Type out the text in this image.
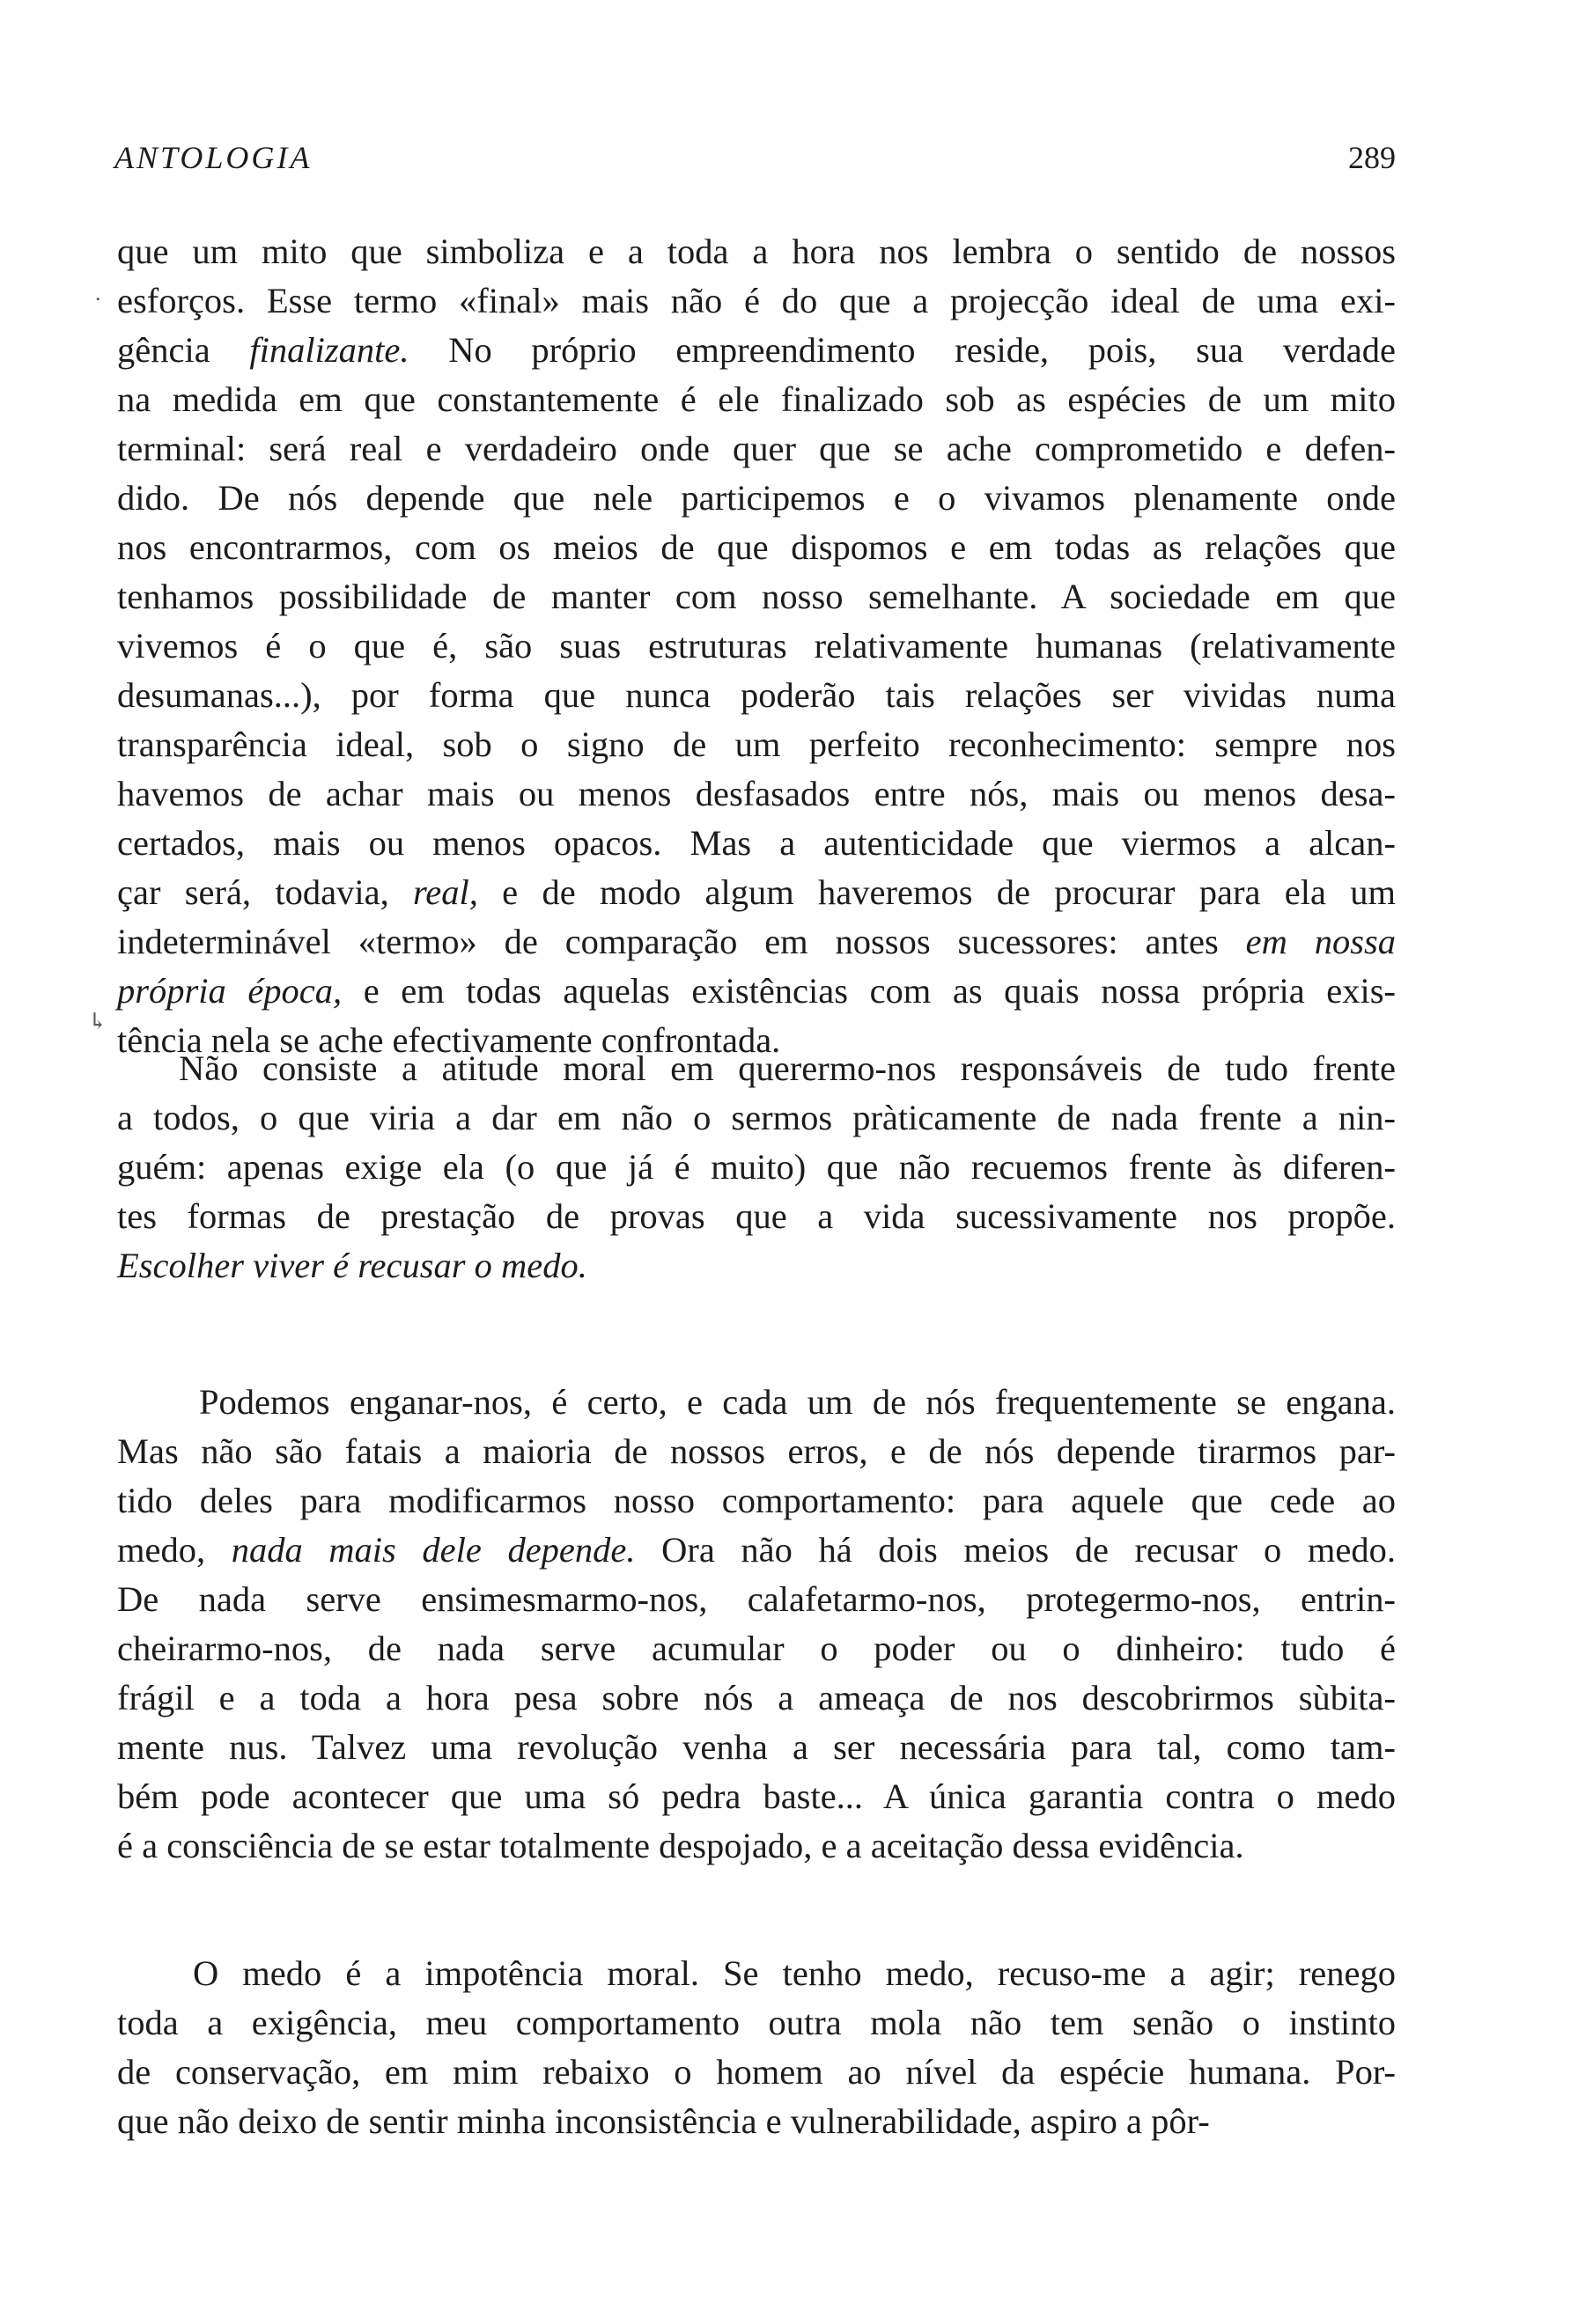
ANTOLOGIA	289
que um mito que simboliza e a toda a hora nos lembra o sentido de nossos
esforços. Esse termo «final» mais não é do que a projecção ideal de uma exi-
gência finalizante. No próprio empreendimento reside, pois, sua verdade
na medida em que constantemente é ele finalizado sob as espécies de um mito
terminal: será real e verdadeiro onde quer que se ache comprometido e defen-
dido. De nós depende que nele participemos e o vivamos plenamente onde
nos encontrarmos, com os meios de que dispomos e em todas as relações que
tenhamos possibilidade de manter com nosso semelhante. A sociedade em que
vivemos é o que é, são suas estruturas relativamente humanas (relativamente
desumanas...), por forma que nunca poderão tais relações ser vividas numa
transparência ideal, sob o signo de um perfeito reconhecimento: sempre nos
havemos de achar mais ou menos desfasados entre nós, mais ou menos desa-
certados, mais ou menos opacos. Mas a autenticidade que viermos a alcan-
çar será, todavia, real, e de modo algum haveremos de procurar para ela um
indeterminável «termo» de comparação em nossos sucessores: antes em nossa
própria época, e em todas aquelas existências com as quais nossa própria exis-
tência nela se ache efectivamente confrontada.
Não consiste a atitude moral em querermo-nos responsáveis de tudo frente
a todos, o que viria a dar em não o sermos pràticamente de nada frente a nin-
guém: apenas exige ela (o que já é muito) que não recuemos frente às diferen-
tes formas de prestação de provas que a vida sucessivamente nos propõe.
Escolher viver é recusar o medo.
Podemos enganar-nos, é certo, e cada um de nós frequentemente se engana.
Mas não são fatais a maioria de nossos erros, e de nós depende tirarmos par-
tido deles para modificarmos nosso comportamento: para aquele que cede ao
medo, nada mais dele depende. Ora não há dois meios de recusar o medo.
De nada serve ensimesmarmo-nos, calafetarmo-nos, protegermo-nos, entrin-
cheirarmo-nos, de nada serve acumular o poder ou o dinheiro: tudo é
frágil e a toda a hora pesa sobre nós a ameaça de nos descobrirmos sùbita-
mente nus. Talvez uma revolução venha a ser necessária para tal, como tam-
bém pode acontecer que uma só pedra baste... A única garantia contra o medo
é a consciência de se estar totalmente despojado, e a aceitação dessa evidência.
O medo é a impotência moral. Se tenho medo, recuso-me a agir; renego
toda a exigência, meu comportamento outra mola não tem senão o instinto
de conservação, em mim rebaixo o homem ao nível da espécie humana. Por-
que não deixo de sentir minha inconsistência e vulnerabilidade, aspiro a pôr-
.
↳
